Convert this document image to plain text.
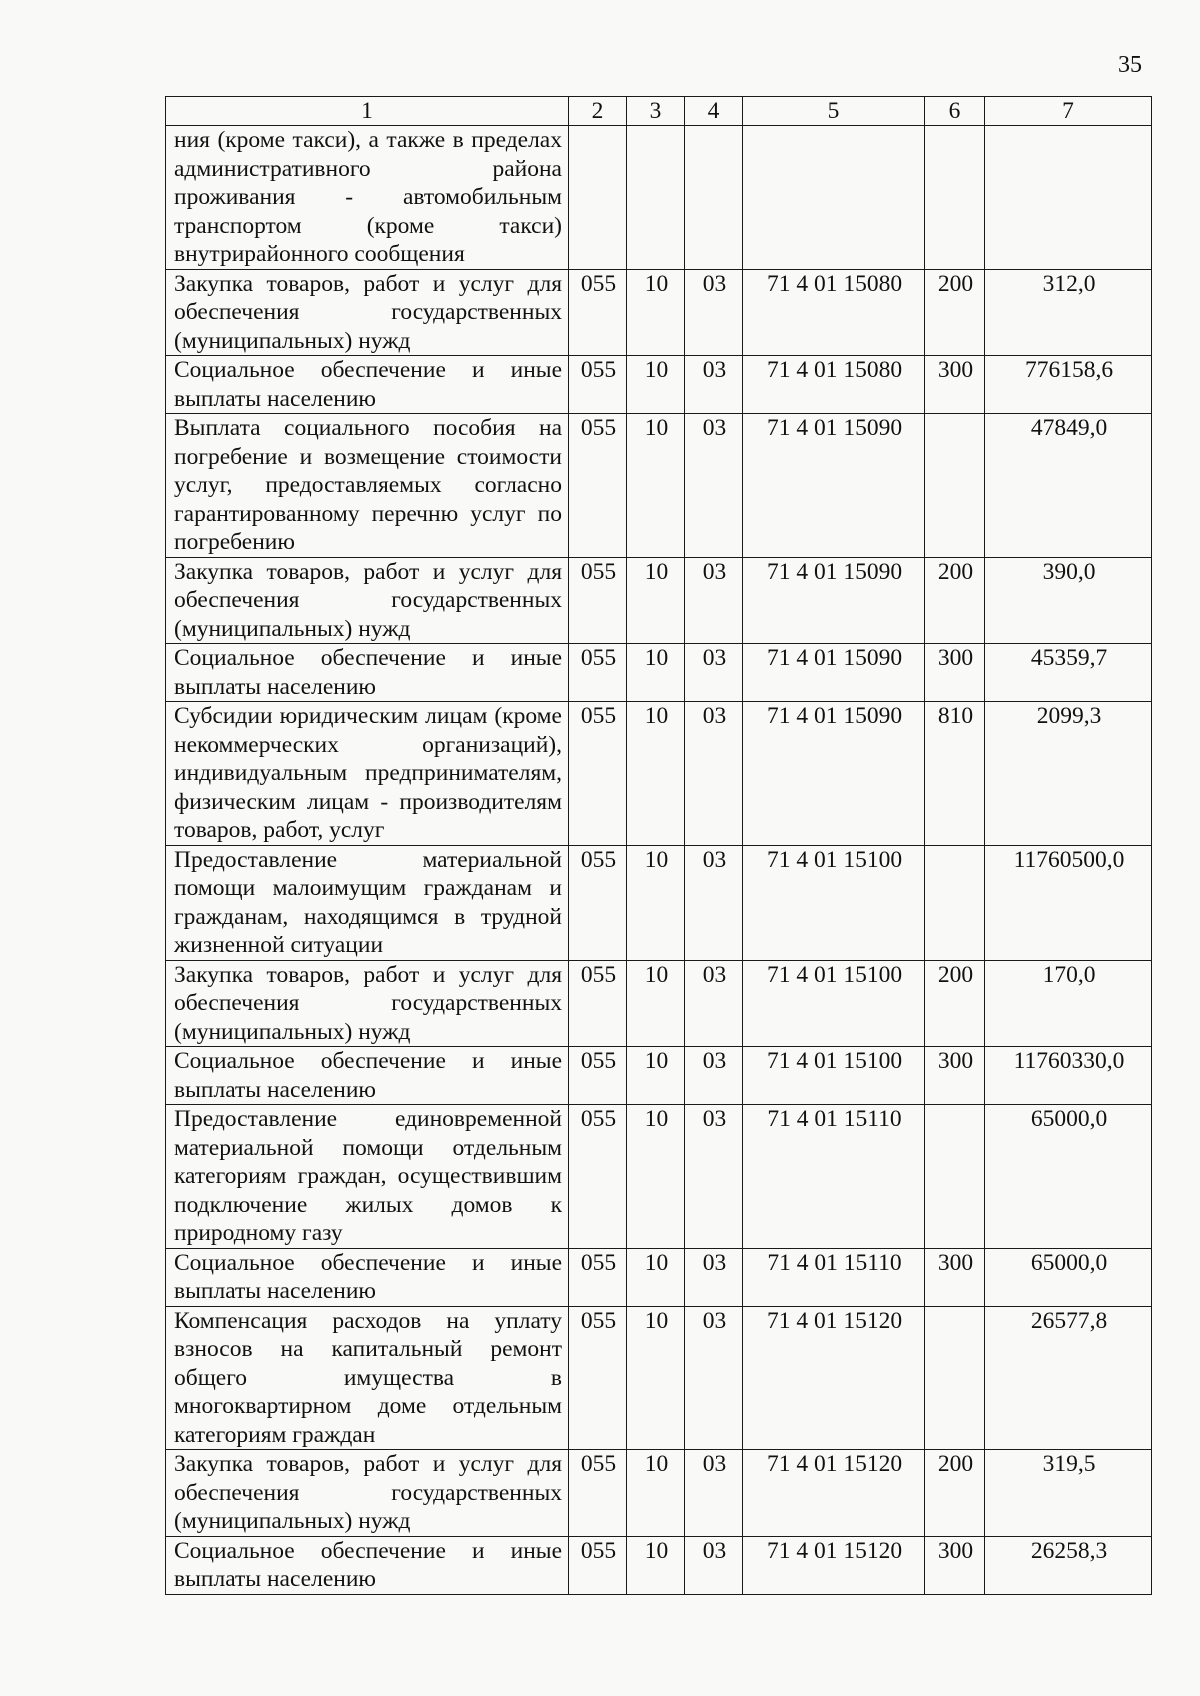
35
1	2	3	4	5	6	7
ния (кроме такси), а также в пределах административного района проживания - автомобильным транспортом (кроме такси) внутрирайонного сообщения						
Закупка товаров, работ и услуг для обеспечения государственных (муниципальных) нужд	055	10	03	71 4 01 15080	200	312,0
Социальное обеспечение и иные выплаты населению	055	10	03	71 4 01 15080	300	776158,6
Выплата социального пособия на погребение и возмещение стоимости услуг, предоставляемых согласно гарантированному перечню услуг по погребению	055	10	03	71 4 01 15090		47849,0
Закупка товаров, работ и услуг для обеспечения государственных (муниципальных) нужд	055	10	03	71 4 01 15090	200	390,0
Социальное обеспечение и иные выплаты населению	055	10	03	71 4 01 15090	300	45359,7
Субсидии юридическим лицам (кроме некоммерческих организаций), индивидуальным предпринимателям, физическим лицам - производителям товаров, работ, услуг	055	10	03	71 4 01 15090	810	2099,3
Предоставление материальной помощи малоимущим гражданам и гражданам, находящимся в трудной жизненной ситуации	055	10	03	71 4 01 15100		11760500,0
Закупка товаров, работ и услуг для обеспечения государственных (муниципальных) нужд	055	10	03	71 4 01 15100	200	170,0
Социальное обеспечение и иные выплаты населению	055	10	03	71 4 01 15100	300	11760330,0
Предоставление единовременной материальной помощи отдельным категориям граждан, осуществившим подключение жилых домов к природному газу	055	10	03	71 4 01 15110		65000,0
Социальное обеспечение и иные выплаты населению	055	10	03	71 4 01 15110	300	65000,0
Компенсация расходов на уплату взносов на капитальный ремонт общего имущества в многоквартирном доме отдельным категориям граждан	055	10	03	71 4 01 15120		26577,8
Закупка товаров, работ и услуг для обеспечения государственных (муниципальных) нужд	055	10	03	71 4 01 15120	200	319,5
Социальное обеспечение и иные выплаты населению	055	10	03	71 4 01 15120	300	26258,3
